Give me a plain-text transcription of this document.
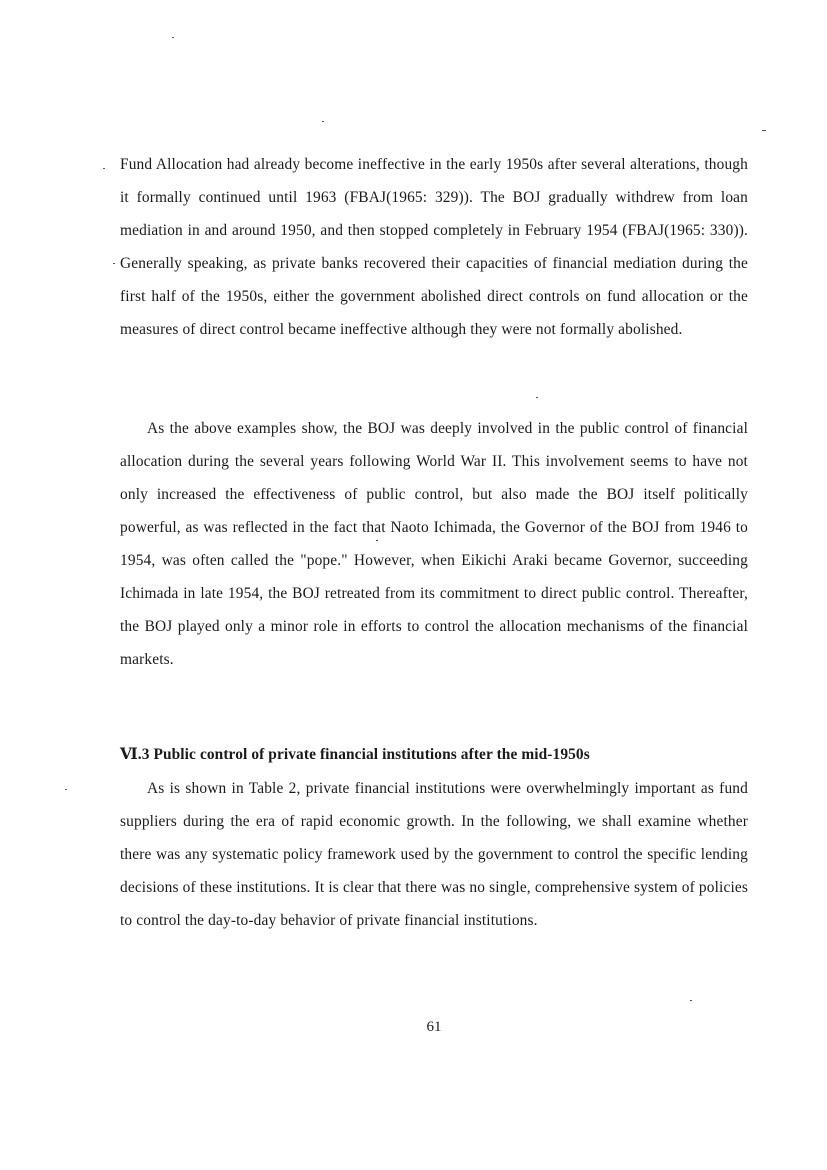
Fund Allocation had already become ineffective in the early 1950s after several alterations, though it formally continued until 1963 (FBAJ(1965: 329)). The BOJ gradually withdrew from loan mediation in and around 1950, and then stopped completely in February 1954 (FBAJ(1965: 330)). Generally speaking, as private banks recovered their capacities of financial mediation during the first half of the 1950s, either the government abolished direct controls on fund allocation or the measures of direct control became ineffective although they were not formally abolished.

As the above examples show, the BOJ was deeply involved in the public control of financial allocation during the several years following World War II. This involvement seems to have not only increased the effectiveness of public control, but also made the BOJ itself politically powerful, as was reflected in the fact that Naoto Ichimada, the Governor of the BOJ from 1946 to 1954, was often called the "pope." However, when Eikichi Araki became Governor, succeeding Ichimada in late 1954, the BOJ retreated from its commitment to direct public control. Thereafter, the BOJ played only a minor role in efforts to control the allocation mechanisms of the financial markets.

Ⅵ.3 Public control of private financial institutions after the mid-1950s

As is shown in Table 2, private financial institutions were overwhelmingly important as fund suppliers during the era of rapid economic growth. In the following, we shall examine whether there was any systematic policy framework used by the government to control the specific lending decisions of these institutions. It is clear that there was no single, comprehensive system of policies to control the day-to-day behavior of private financial institutions.

61
